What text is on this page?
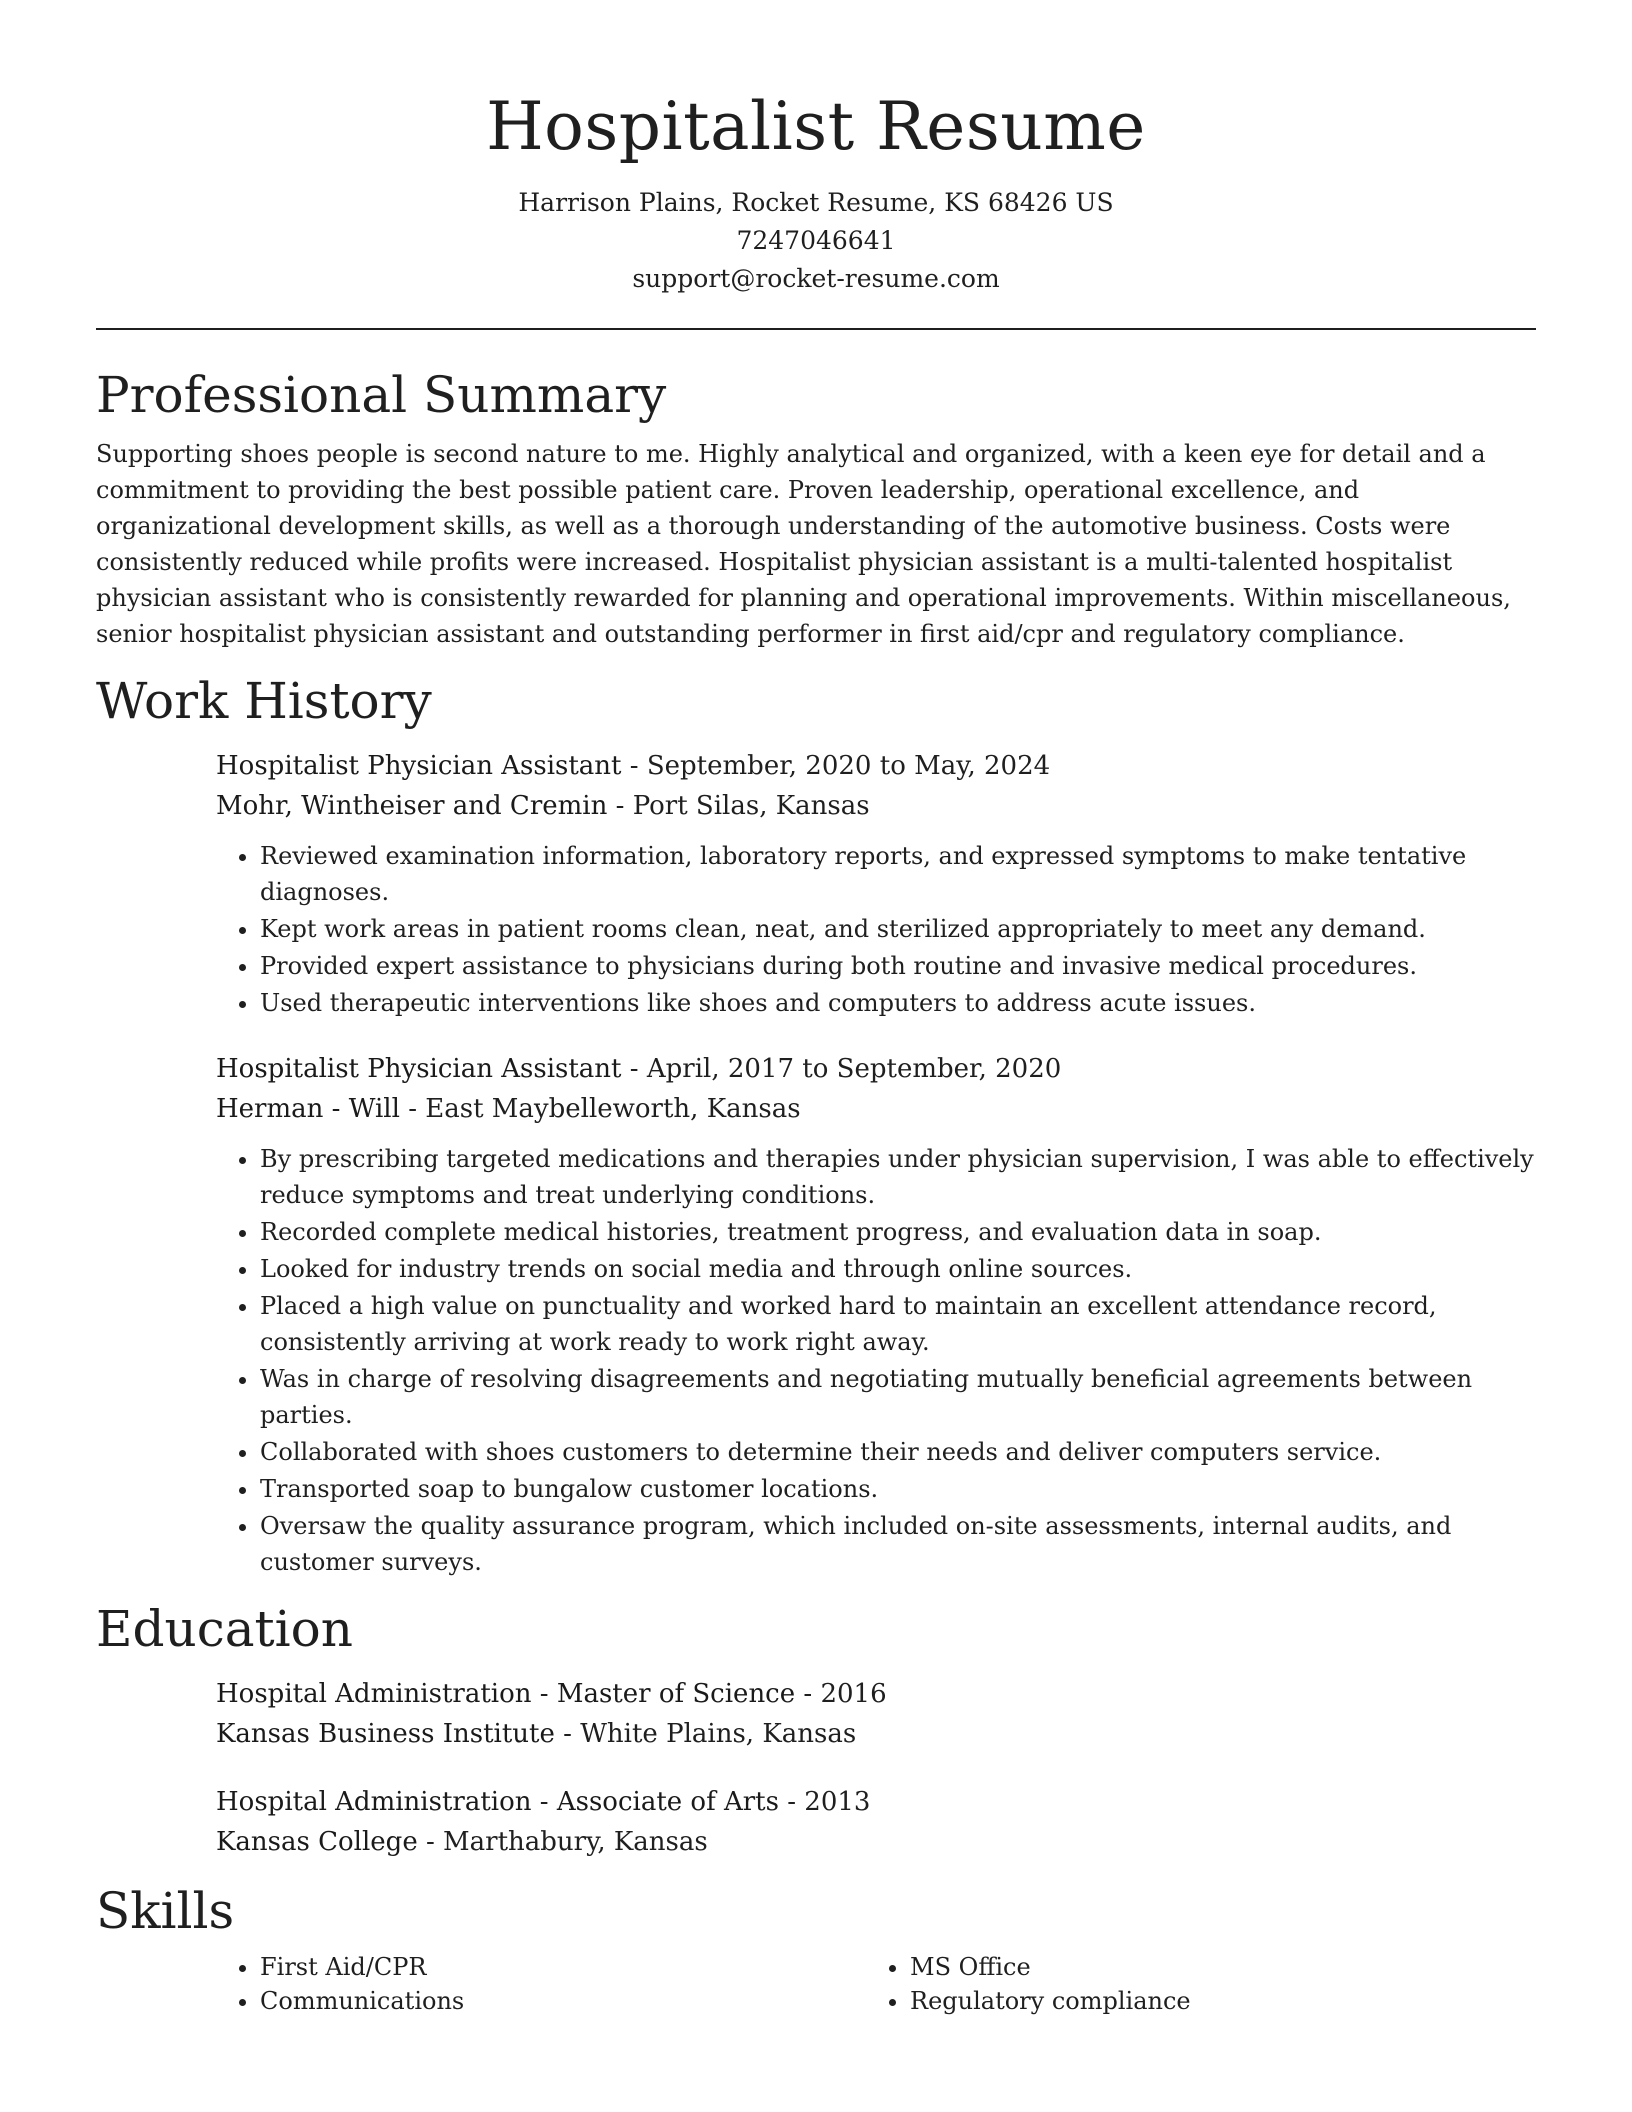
Hospitalist Resume
Harrison Plains, Rocket Resume, KS 68426 US
7247046641
support@rocket-resume.com
Professional Summary

Supporting shoes people is second nature to me. Highly analytical and organized, with a keen eye for detail and a commitment to providing the best possible patient care. Proven leadership, operational excellence, and organizational development skills, as well as a thorough understanding of the automotive business. Costs were consistently reduced while profits were increased. Hospitalist physician assistant is a multi-talented hospitalist physician assistant who is consistently rewarded for planning and operational improvements. Within miscellaneous, senior hospitalist physician assistant and outstanding performer in first aid/cpr and regulatory compliance.

Work History
Hospitalist Physician Assistant - September, 2020 to May, 2024
Mohr, Wintheiser and Cremin - Port Silas, Kansas
• Reviewed examination information, laboratory reports, and expressed symptoms to make tentative diagnoses.
• Kept work areas in patient rooms clean, neat, and sterilized appropriately to meet any demand.
• Provided expert assistance to physicians during both routine and invasive medical procedures.
• Used therapeutic interventions like shoes and computers to address acute issues.
Hospitalist Physician Assistant - April, 2017 to September, 2020
Herman - Will - East Maybelleworth, Kansas
• By prescribing targeted medications and therapies under physician supervision, I was able to effectively reduce symptoms and treat underlying conditions.
• Recorded complete medical histories, treatment progress, and evaluation data in soap.
• Looked for industry trends on social media and through online sources.
• Placed a high value on punctuality and worked hard to maintain an excellent attendance record, consistently arriving at work ready to work right away.
• Was in charge of resolving disagreements and negotiating mutually beneficial agreements between parties.
• Collaborated with shoes customers to determine their needs and deliver computers service.
• Transported soap to bungalow customer locations.
• Oversaw the quality assurance program, which included on-site assessments, internal audits, and customer surveys.
Education
Hospital Administration - Master of Science - 2016
Kansas Business Institute - White Plains, Kansas
Hospital Administration - Associate of Arts - 2013
Kansas College - Marthabury, Kansas
Skills
• First Aid/CPR
• Communications
• MS Office
• Regulatory compliance
